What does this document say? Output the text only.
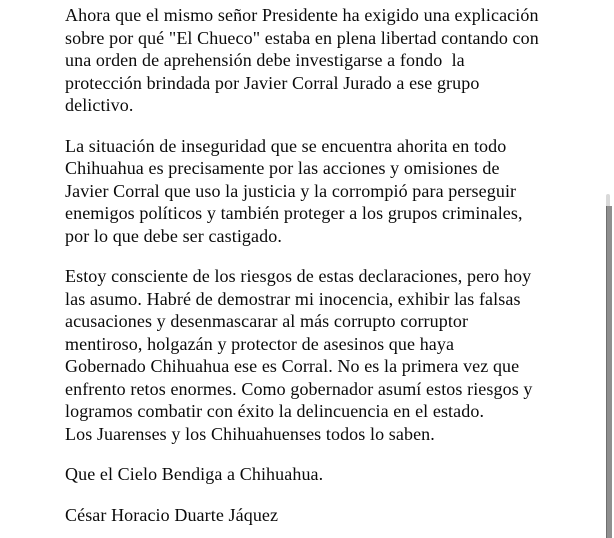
Ahora que el mismo señor Presidente ha exigido una explicación
sobre por qué "El Chueco" estaba en plena libertad contando con
una orden de aprehensión debe investigarse a fondo  la
protección brindada por Javier Corral Jurado a ese grupo
delictivo.
La situación de inseguridad que se encuentra ahorita en todo
Chihuahua es precisamente por las acciones y omisiones de
Javier Corral que uso la justicia y la corrompió para perseguir
enemigos políticos y también proteger a los grupos criminales,
por lo que debe ser castigado.
Estoy consciente de los riesgos de estas declaraciones, pero hoy
las asumo. Habré de demostrar mi inocencia, exhibir las falsas
acusaciones y desenmascarar al más corrupto corruptor
mentiroso, holgazán y protector de asesinos que haya
Gobernado Chihuahua ese es Corral. No es la primera vez que
enfrento retos enormes. Como gobernador asumí estos riesgos y
logramos combatir con éxito la delincuencia en el estado.
Los Juarenses y los Chihuahuenses todos lo saben.
Que el Cielo Bendiga a Chihuahua.
César Horacio Duarte Jáquez
